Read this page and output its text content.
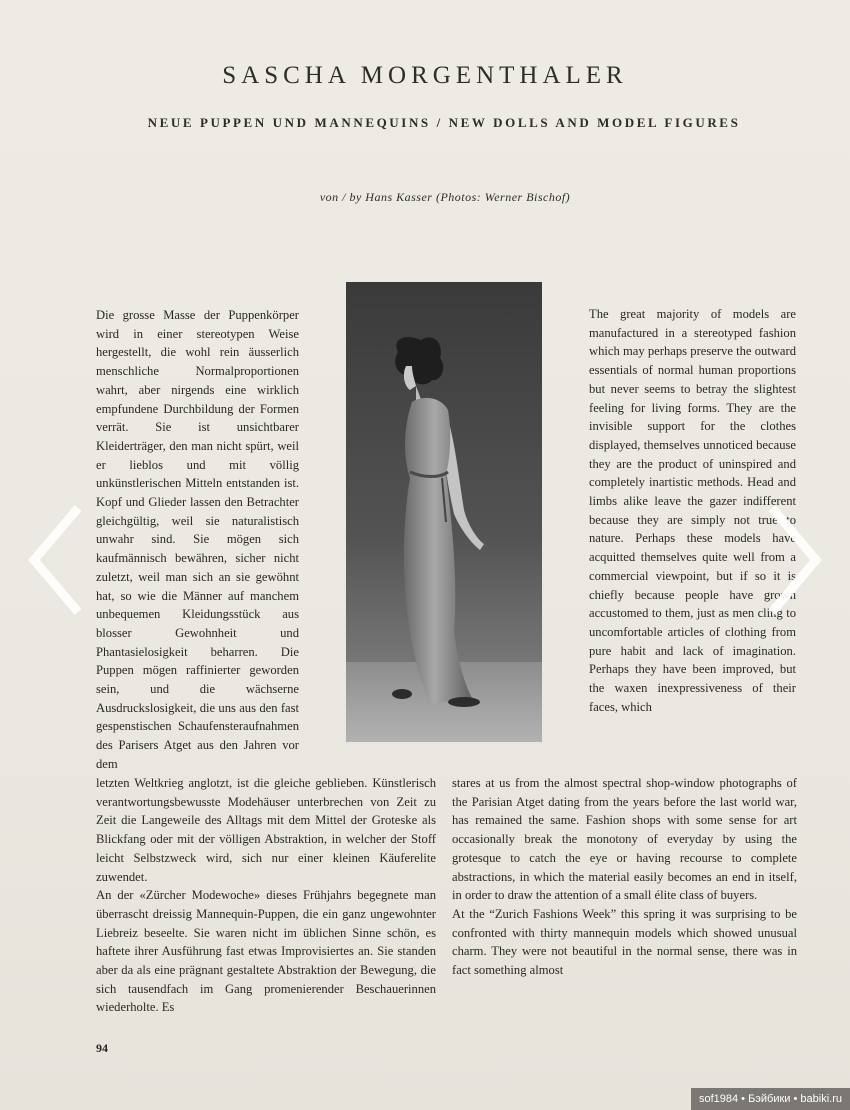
SASCHA MORGENTHALER
NEUE PUPPEN UND MANNEQUINS / NEW DOLLS AND MODEL FIGURES

von / by Hans Kasser (Photos: Werner Bischof)

Die grosse Masse der Puppenkörper wird in einer stereotypen Weise hergestellt, die wohl rein äusserlich menschliche Normalproportionen wahrt, aber nirgends eine wirklich empfundene Durchbildung der Formen verrät. Sie ist unsichtbarer Kleiderträger, den man nicht spürt, weil er lieblos und mit völlig unkünstlerischen Mitteln entstanden ist. Kopf und Glieder lassen den Betrachter gleichgültig, weil sie naturalistisch unwahr sind. Sie mögen sich kaufmännisch bewähren, sicher nicht zuletzt, weil man sich an sie gewöhnt hat, so wie die Männer auf manchem unbequemen Kleidungsstück aus blosser Gewohnheit und Phantasielosigkeit beharren. Die Puppen mögen raffinierter geworden sein, und die wächserne Ausdruckslosigkeit, die uns aus den fast gespenstischen Schaufensteraufnahmen des Parisers Atget aus den Jahren vor dem

The great majority of models are manufactured in a stereotyped fashion which may perhaps preserve the outward essentials of normal human proportions but never seems to betray the slightest feeling for living forms. They are the invisible support for the clothes displayed, themselves unnoticed because they are the product of uninspired and completely inartistic methods. Head and limbs alike leave the gazer indifferent because they are simply not true to nature. Perhaps these models have acquitted themselves quite well from a commercial viewpoint, but if so it is chiefly because people have grown accustomed to them, just as men cling to uncomfortable articles of clothing from pure habit and lack of imagination. Perhaps they have been improved, but the waxen inexpressiveness of their faces, which

letzten Weltkrieg anglotzt, ist die gleiche geblieben. Künstlerisch verantwortungsbewusste Modehäuser unterbrechen von Zeit zu Zeit die Langeweile des Alltags mit dem Mittel der Groteske als Blickfang oder mit der völligen Abstraktion, in welcher der Stoff leicht Selbstzweck wird, sich nur einer kleinen Käuferelite zuwendet.

An der «Zürcher Modewoche» dieses Frühjahrs begegnete man überrascht dreissig Mannequin-Puppen, die ein ganz ungewohnter Liebreiz beseelte. Sie waren nicht im üblichen Sinne schön, es haftete ihrer Ausführung fast etwas Improvisiertes an. Sie standen aber da als eine prägnant gestaltete Abstraktion der Bewegung, die sich tausendfach im Gang promenierender Beschauerinnen wiederholte. Es

stares at us from the almost spectral shop-window photographs of the Parisian Atget dating from the years before the last world war, has remained the same. Fashion shops with some sense for art occasionally break the monotony of everyday by using the grotesque to catch the eye or having recourse to complete abstractions, in which the material easily becomes an end in itself, in order to draw the attention of a small élite class of buyers.

At the “Zurich Fashions Week” this spring it was surprising to be confronted with thirty mannequin models which showed unusual charm. They were not beautiful in the normal sense, there was in fact something almost

94

sof1984 • Бэйбики • babiki.ru
